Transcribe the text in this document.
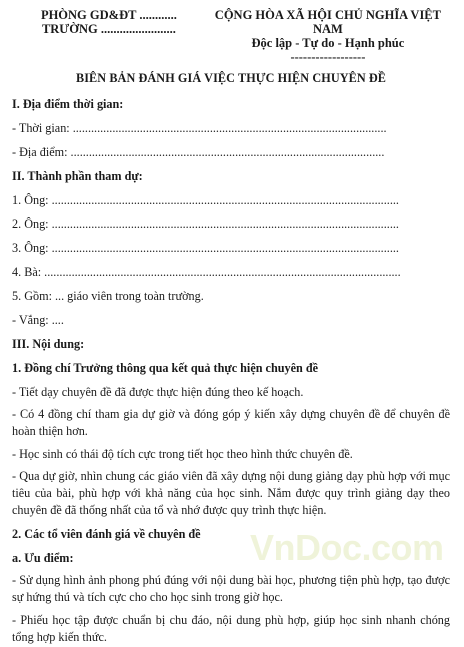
PHÒNG GD&ĐT ............
TRƯỜNG ........................
CỘNG HÒA XÃ HỘI CHỦ NGHĨA VIỆT NAM
Độc lập - Tự do - Hạnh phúc
------------------
BIÊN BẢN ĐÁNH GIÁ VIỆC THỰC HIỆN CHUYÊN ĐỀ
I. Địa điểm thời gian:
- Thời gian: .......................................................................................................
- Địa điểm: .......................................................................................................
II. Thành phần tham dự:
1. Ông: ..................................................................................................................
2. Ông: ..................................................................................................................
3. Ông: ..................................................................................................................
4. Bà: .....................................................................................................................
5. Gồm: ... giáo viên trong toàn trường.
- Vắng: ....
III. Nội dung:
1. Đồng chí Trưởng thông qua kết quả thực hiện chuyên đề
- Tiết dạy chuyên đề đã được thực hiện đúng theo kế hoạch.
- Có 4 đồng chí tham gia dự giờ và đóng góp ý kiến xây dựng chuyên đề để chuyên đề hoàn thiện hơn.
- Học sinh có thái độ tích cực trong tiết học theo hình thức chuyên đề.
- Qua dự giờ, nhìn chung các giáo viên đã xây dựng nội dung giảng dạy phù hợp với mục tiêu của bài, phù hợp với khả năng của học sinh. Nắm được quy trình giảng dạy theo chuyên đề đã thống nhất của tổ và nhớ được quy trình thực hiện.
2. Các tổ viên đánh giá về chuyên đề
a. Ưu điểm:
- Sử dụng hình ảnh phong phú đúng với nội dung bài học, phương tiện phù hợp, tạo được sự hứng thú và tích cực cho cho học sinh trong giờ học.
- Phiếu học tập được chuẩn bị chu đáo, nội dung phù hợp, giúp học sinh nhanh chóng tổng hợp kiến thức.
VnDoc.com
